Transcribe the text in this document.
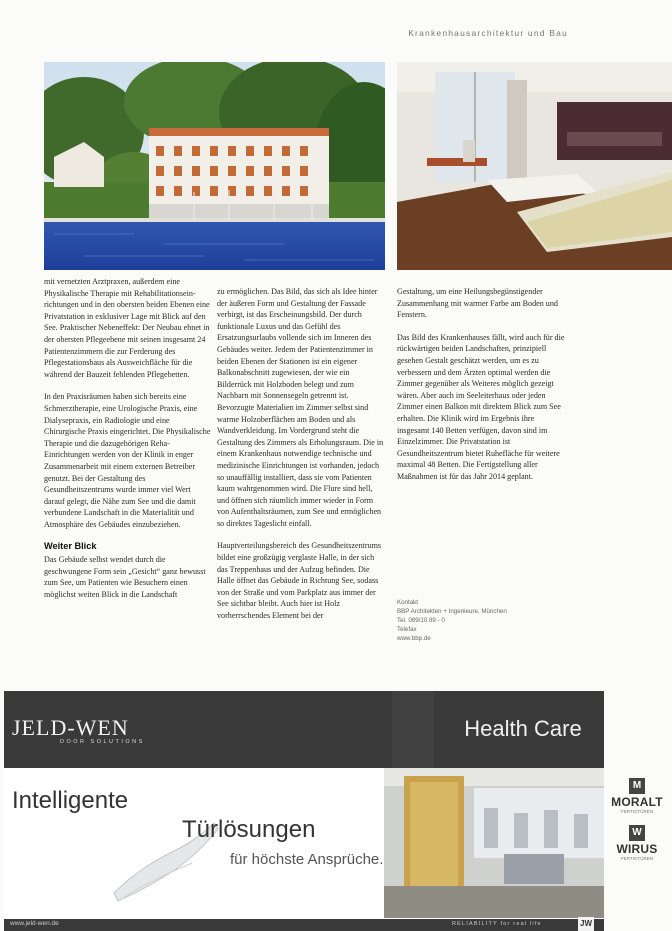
Krankenhausarchitektur und Bau

mit vernetzten Arztpraxen, außerdem eine Physikalische Therapie mit Rehabilitationseinrichtungen und in den obersten beiden Ebenen eine Privatstation in exklusiver Lage mit Blick auf den See. Praktischer Nebeneffekt: Der Neubau ebnet in der obersten Pflegeebene mit seinen insgesamt 24 Patientenzimmern die zur Ferderung des Pflegestationsbaus als Ausweichfläche für die während der Bauzeit fehlenden Pflegebetten.

In den Praxisräumen haben sich bereits eine Schmerztherapie, eine Urologische Praxis, eine Dialysepraxis, ein Radiologie und eine Chirurgische Praxis eingerichtet. Die Physikalische Therapie und die dazugehörigen Reha-Einrichtungen werden von der Klinik in enger Zusammenarbeit mit einem externen Betreiber genutzt. Bei der Gestaltung des Gesundheitszentrums wurde immer viel Wert darauf gelegt, die Nähe zum See und die damit verbundene Landschaft in die Materialität und Atmosphäre des Gebäudes einzubeziehen.

Weiter Blick

Das Gebäude selbst wendet durch die geschwungene Form sein „Gesicht“ ganz bewusst zum See, um Patienten wie Besuchern einen möglichst weiten Blick in die Landschaft

zu ermöglichen. Das Bild, das sich als Idee hinter der äußeren Form und Gestaltung der Fassade verbirgt, ist das Erscheinungsbild. Der durch funktionale Luxus und das Gefühl des Ersatzungsurlaubs vollende sich im Inneren des Gebäudes weiter. Jedem der Patientenzimmer in beiden Ebenen der Stationen ist ein eigener Balkonabschnitt zugewiesen, der wie ein Bilderrück mit Holzboden belegt und zum Nachbarn mit Sonnensegeln getrennt ist. Bevorzugte Materialien im Zimmer selbst sind warme Holzoberflächen am Boden und als Wandverkleidung. Im Vordergrund steht die Gestaltung des Zimmers als Erholungsraum. Die in einem Krankenhaus notwendige technische und medizinische Einrichtungen ist vorhanden, jedoch so unauffällig installiert, dass sie vom Patienten kaum wahrgenommen wird. Die Flure sind hell, und öffnen sich räumlich immer wieder in Form von Aufenthaltsräumen, zum See und ermöglichen so direktes Tageslicht einfall.

Hauptverteilungsbereich des Gesundheitszentrums bildet eine großzügig verglaste Halle, in der sich das Treppenhaus und der Aufzug befinden. Die Halle öffnet das Gebäude in Richtung See, sodass von der Straße und vom Parkplatz aus immer der See sichtbar bleibt. Auch hier ist Holz vorherrschendes Element bei der

Gestaltung, um eine Heilungsbegünstigender Zusammenhang mit warmer Farbe am Boden und Fenstern.

Das Bild des Krankenhauses fällt, wird auch für die rückwärtigen beiden Landschaften, prinzipiell gesehen Gestalt geschätzt werden, um es zu verbessern und dem Ärzten optimal werden die Zimmer gegenüber als Weiteres möglich gezeigt wären. Aber auch im Seeleiterhaus oder jeden Zimmer einen Balkon mit direktem Blick zum See erhalten. Die Klinik wird im Ergebnis ihre insgesamt 140 Betten verfügen, davon sind im Einzelzimmer. Die Privatstation ist Gesundheitszentrum bietet Ruhefläche für weitere maximal 48 Betten. Die Fertigstellung aller Maßnahmen ist für das Jahr 2014 geplant.

Kontakt
BBP Architekten + Ingenieure, München
Tel. 089/10 89 - 0
Telefax
www.bbp.de
JELD-WEN
DOOR SOLUTIONS
Health Care
Intelligente
Türlösungen
für höchste Ansprüche.
www.jeld-wen.de	RELIABILITY for real life	JW
M
MORALT
FERTIGTÜREN
W
WIRUS
FERTIGTÜREN
